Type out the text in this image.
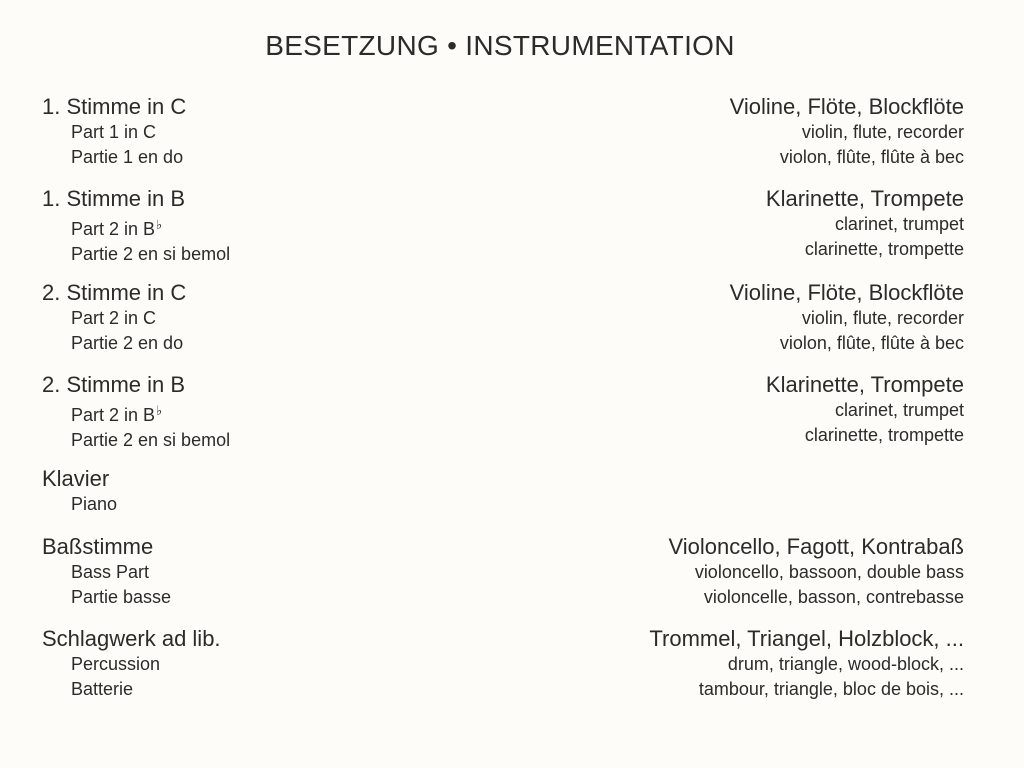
BESETZUNG • INSTRUMENTATION
1. Stimme in C
Part 1 in C
Partie 1 en do
Violine, Flöte, Blockflöte
violin, flute, recorder
violon, flûte, flûte à bec
1. Stimme in B
Part 2 in B♭
Partie 2 en si bemol
Klarinette, Trompete
clarinet, trumpet
clarinette, trompette
2. Stimme in C
Part 2 in C
Partie 2 en do
Violine, Flöte, Blockflöte
violin, flute, recorder
violon, flûte, flûte à bec
2. Stimme in B
Part 2 in B♭
Partie 2 en si bemol
Klarinette, Trompete
clarinet, trumpet
clarinette, trompette
Klavier
Piano
Baßstimme
Bass Part
Partie basse
Violoncello, Fagott, Kontrabaß
violoncello, bassoon, double bass
violoncelle, basson, contrebasse
Schlagwerk ad lib.
Percussion
Batterie
Trommel, Triangel, Holzblock, ...
drum, triangle, wood-block, ...
tambour, triangle, bloc de bois, ...
